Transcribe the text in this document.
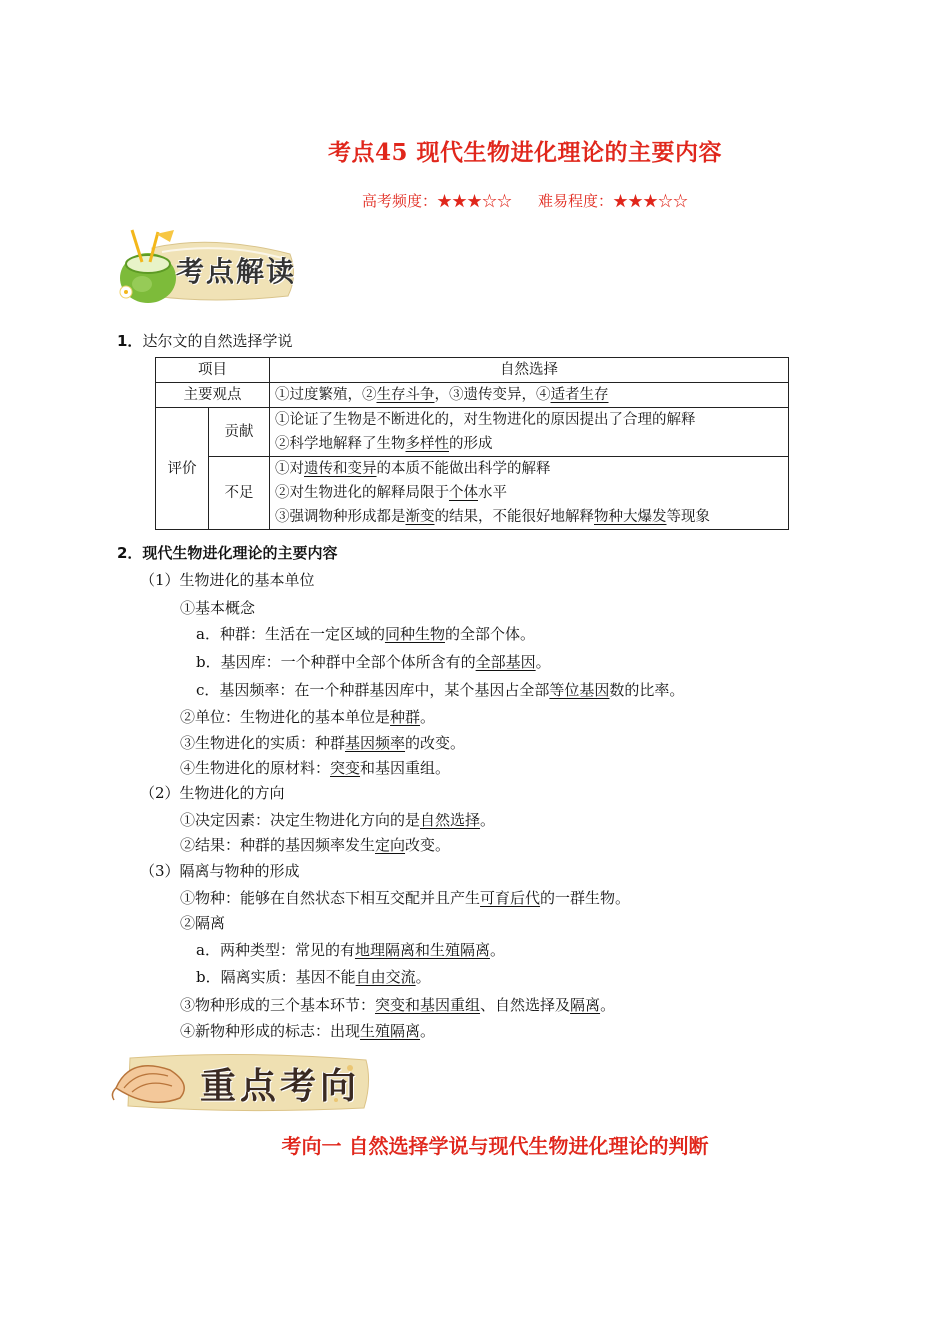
考点45 现代生物进化理论的主要内容
高考频度：★★★☆☆ 难易程度：★★★☆☆
考点解读
1．达尔文的自然选择学说
项目		自然选择
主要观点		①过度繁殖，②生存斗争，③遗传变异，④适者生存
评价	贡献	①论证了生物是不断进化的，对生物进化的原因提出了合理的解释
②科学地解释了生物多样性的形成

	不足	①对遗传和变异的本质不能做出科学的解释
②对生物进化的解释局限于个体水平
③强调物种形成都是渐变的结果，不能很好地解释物种大爆发等现象
2．现代生物进化理论的主要内容
（1）生物进化的基本单位
①基本概念
a．种群：生活在一定区域的同种生物的全部个体。
b．基因库：一个种群中全部个体所含有的全部基因。
c．基因频率：在一个种群基因库中，某个基因占全部等位基因数的比率。
②单位：生物进化的基本单位是种群。
③生物进化的实质：种群基因频率的改变。
④生物进化的原材料：突变和基因重组。
（2）生物进化的方向
①决定因素：决定生物进化方向的是自然选择。
②结果：种群的基因频率发生定向改变。
（3）隔离与物种的形成
①物种：能够在自然状态下相互交配并且产生可育后代的一群生物。
②隔离
a．两种类型：常见的有地理隔离和生殖隔离。
b．隔离实质：基因不能自由交流。
③物种形成的三个基本环节：突变和基因重组、自然选择及隔离。
④新物种形成的标志：出现生殖隔离。
重点考向
考向一 自然选择学说与现代生物进化理论的判断
